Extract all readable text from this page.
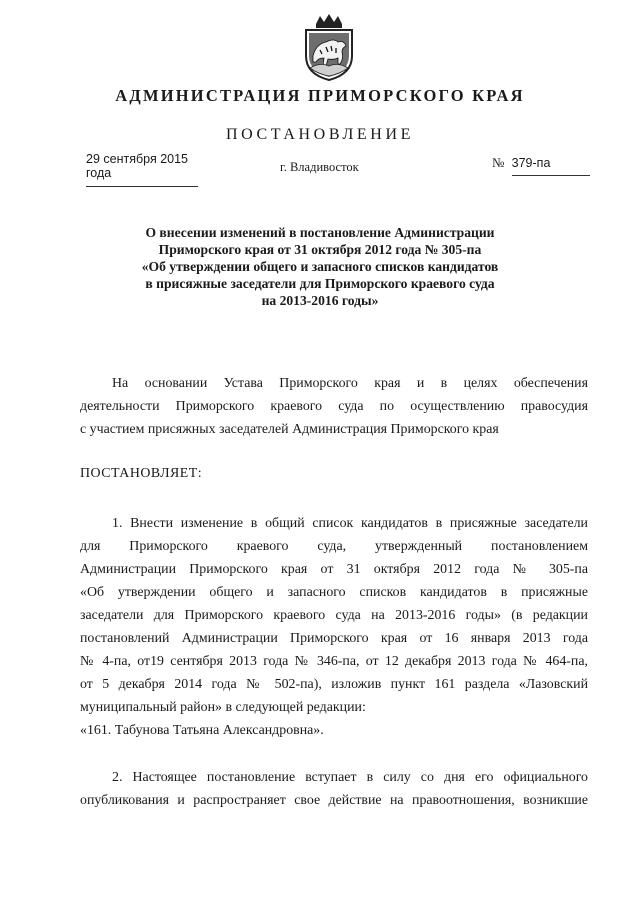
АДМИНИСТРАЦИЯ ПРИМОРСКОГО КРАЯ
ПОСТАНОВЛЕНИЕ
29 сентября 2015 года	г. Владивосток	№ 379-па
О внесении изменений в постановление Администрации
Приморского края от 31 октября 2012 года № 305-па
«Об утверждении общего и запасного списков кандидатов
в присяжные заседатели для Приморского краевого суда
на 2013-2016 годы»
На основании Устава Приморского края и в целях обеспечения
деятельности Приморского краевого суда по осуществлению правосудия
с участием присяжных заседателей Администрация Приморского края
ПОСТАНОВЛЯЕТ:
1. Внести изменение в общий список кандидатов в присяжные заседатели
для Приморского краевого суда, утвержденный постановлением
Администрации Приморского края от 31 октября 2012 года № 305-па
«Об утверждении общего и запасного списков кандидатов в присяжные
заседатели для Приморского краевого суда на 2013-2016 годы» (в редакции
постановлений Администрации Приморского края от 16 января 2013 года
№ 4-па, от19 сентября 2013 года № 346-па, от 12 декабря 2013 года № 464-па,
от 5 декабря 2014 года № 502-па), изложив пункт 161 раздела «Лазовский
муниципальный район» в следующей редакции:
«161. Табунова Татьяна Александровна».
2. Настоящее постановление вступает в силу со дня его официального
опубликования и распространяет свое действие на правоотношения, возникшие
